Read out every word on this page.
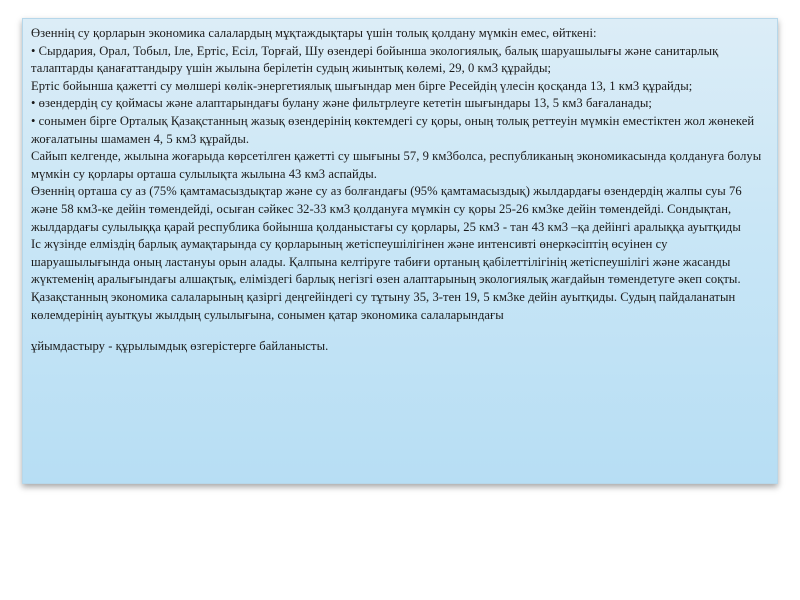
Өзеннің су қорларын экономика салалардың мұқтаждықтары үшін толық қолдану мүмкін емес, өйткені:

• Сырдария, Орал, Тобыл, Іле, Ертіс, Есіл, Торғай, Шу өзендері бойынша экологиялық, балық шаруашылығы және санитарлық талаптарды қанағаттандыру үшін жылына берілетін судың жиынтық көлемі, 29, 0 км3 құрайды;

Ертіс бойынша қажетті су мөлшері көлік-энергетиялық шығындар мен бірге Ресейдің үлесін қосқанда 13, 1 км3 құрайды;

• өзендердің су қоймасы және алаптарындағы булану және фильтрлеуге кететін шығындары 13, 5 км3 бағаланады;

• сонымен бірге Орталық Қазақстанның жазық өзендерінің көктемдегі су қоры, оның толық реттеуін мүмкін еместіктен жол жөнекей жоғалатыны шамамен 4, 5 км3 құрайды.

Сайып келгенде, жылына жоғарыда көрсетілген қажетті су шығыны 57, 9 км3болса, республиканың экономикасында қолдануға болуы мүмкін су қорлары орташа сулылықта жылына 43 км3 аспайды.

Өзеннің орташа су аз (75% қамтамасыздықтар және су аз болғандағы (95% қамтамасыздық) жылдардағы өзендердің жалпы суы 76 және 58 км3-ке дейін төмендейді, осыған сәйкес 32-33 км3 қолдануға мүмкін су қоры 25-26 км3ке дейін төмендейді. Сондықтан, жылдардағы сулылыққа қарай республика бойынша қолданыстағы су қорлары, 25 км3 - тан 43 км3 –қа дейінгі аралыққа ауытқиды

Іс жүзінде елміздің барлық аумақтарында су қорларының жетіспеушілігінен және интенсивті өнеркәсіптің өсуінен су шаруашылығында оның ластануы орын алады. Қалпына келтіруге табиғи ортаның қабілеттілігінің жетіспеушілігі және жасанды жүктеменің аралығындағы алшақтық, еліміздегі барлық негізгі өзен алаптарының экологиялық жағдайын төмендетуге әкеп соқты.

Қазақстанның экономика салаларының қазіргі деңгейіндегі су тұтыну 35, 3-тен 19, 5 км3ке дейін ауытқиды. Судың пайдаланатын көлемдерінің ауытқуы жылдың сулылығына, сонымен қатар экономика салаларындағы

ұйымдастыру - құрылымдық өзгерістерге байланысты.
